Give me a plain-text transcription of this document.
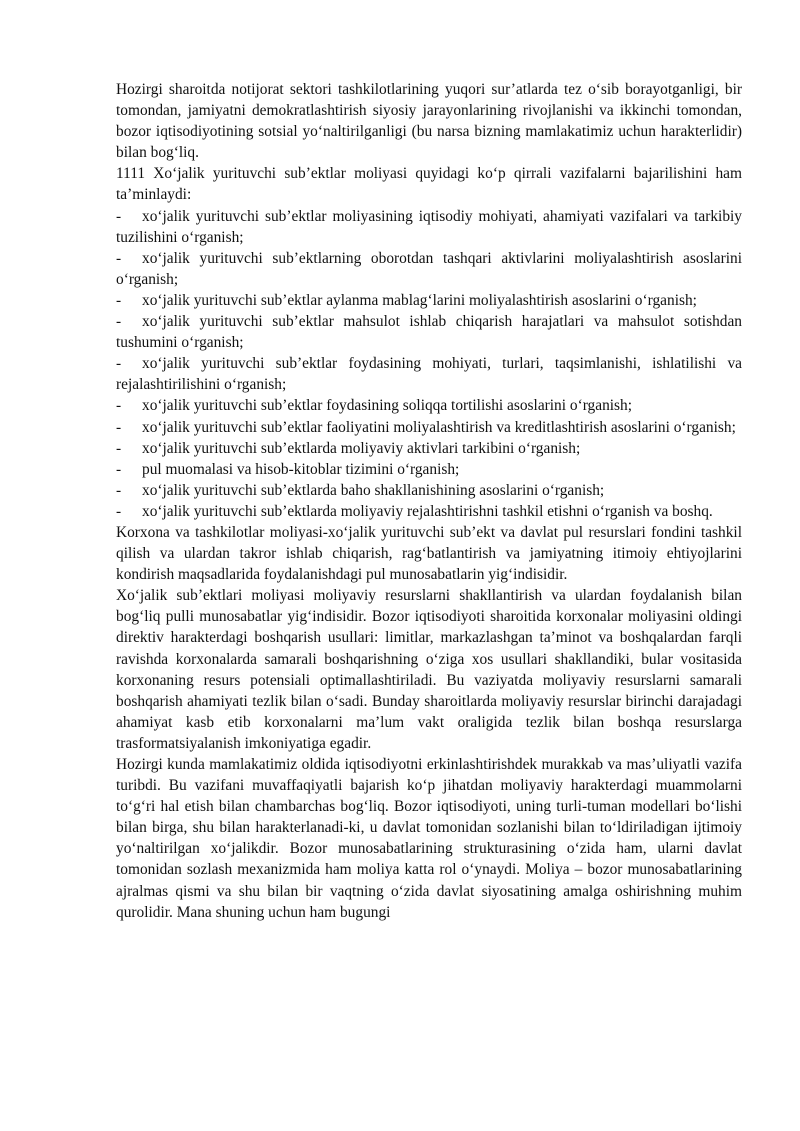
Hozirgi sharoitda notijorat sektori tashkilotlarining yuqori sur’atlarda tez o‘sib borayotganligi, bir tomondan, jamiyatni demokratlashtirish siyosiy jarayonlarining rivojlanishi va ikkinchi tomondan, bozor iqtisodiyotining sotsial yo‘naltirilganligi (bu narsa bizning mamlakatimiz uchun harakterlidir) bilan bog‘liq.

1111 Xo‘jalik yurituvchi sub’ektlar moliyasi quyidagi ko‘p qirrali vazifalarni bajarilishini ham ta’minlaydi:

- xo‘jalik yurituvchi sub’ektlar moliyasining iqtisodiy mohiyati, ahamiyati vazifalari va tarkibiy tuzilishini o‘rganish;
- xo‘jalik yurituvchi sub’ektlarning oborotdan tashqari aktivlarini moliyalashtirish asoslarini o‘rganish;
- xo‘jalik yurituvchi sub’ektlar aylanma mablag‘larini moliyalashtirish asoslarini o‘rganish;
- xo‘jalik yurituvchi sub’ektlar mahsulot ishlab chiqarish harajatlari va mahsulot sotishdan tushumini o‘rganish;
- xo‘jalik yurituvchi sub’ektlar foydasining mohiyati, turlari, taqsimlanishi, ishlatilishi va rejalashtirilishini o‘rganish;
- xo‘jalik yurituvchi sub’ektlar foydasining soliqqa tortilishi asoslarini o‘rganish;
- xo‘jalik yurituvchi sub’ektlar faoliyatini moliyalashtirish va kreditlashtirish asoslarini o‘rganish;
- xo‘jalik yurituvchi sub’ektlarda moliyaviy aktivlari tarkibini o‘rganish;
- pul muomalasi va hisob-kitoblar tizimini o‘rganish;
- xo‘jalik yurituvchi sub’ektlarda baho shakllanishining asoslarini o‘rganish;
- xo‘jalik yurituvchi sub’ektlarda moliyaviy rejalashtirishni tashkil etishni o‘rganish va boshq.

Korxona va tashkilotlar moliyasi-xo‘jalik yurituvchi sub’ekt va davlat pul resurslari fondini tashkil qilish va ulardan takror ishlab chiqarish, rag‘batlantirish va jamiyatning itimoiy ehtiyojlarini kondirish maqsadlarida foydalanishdagi pul munosabatlarin yig‘indisidir.

Xo‘jalik sub’ektlari moliyasi moliyaviy resurslarni shakllantirish va ulardan foydalanish bilan bog‘liq pulli munosabatlar yig‘indisidir. Bozor iqtisodiyoti sharoitida korxonalar moliyasini oldingi direktiv harakterdagi boshqarish usullari: limitlar, markazlashgan ta’minot va boshqalardan farqli ravishda korxonalarda samarali boshqarishning o‘ziga xos usullari shakllandiki, bular vositasida korxonaning resurs potensiali optimallashtiriladi. Bu vaziyatda moliyaviy resurslarni samarali boshqarish ahamiyati tezlik bilan o‘sadi. Bunday sharoitlarda moliyaviy resurslar birinchi darajadagi ahamiyat kasb etib korxonalarni ma’lum vakt oraligida tezlik bilan boshqa resurslarga trasformatsiyalanish imkoniyatiga egadir.

Hozirgi kunda mamlakatimiz oldida iqtisodiyotni erkinlashtirishdek murakkab va mas’uliyatli vazifa turibdi. Bu vazifani muvaffaqiyatli bajarish ko‘p jihatdan moliyaviy harakterdagi muammolarni to‘g‘ri hal etish bilan chambarchas bog‘liq. Bozor iqtisodiyoti, uning turli-tuman modellari bo‘lishi bilan birga, shu bilan harakterlanadi-ki, u davlat tomonidan sozlanishi bilan to‘ldiriladigan ijtimoiy yo‘naltirilgan xo‘jalikdir. Bozor munosabatlarining strukturasining o‘zida ham, ularni davlat tomonidan sozlash mexanizmida ham moliya katta rol o‘ynaydi. Moliya – bozor munosabatlarining ajralmas qismi va shu bilan bir vaqtning o‘zida davlat siyosatining amalga oshirishning muhim qurolidir. Mana shuning uchun ham bugungi
